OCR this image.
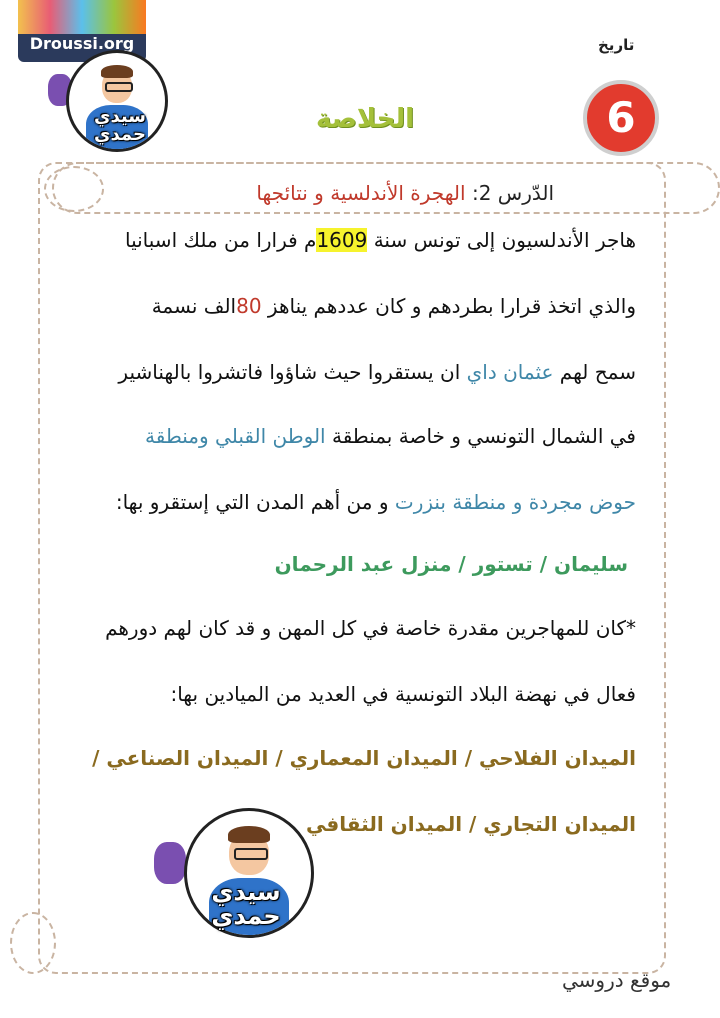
Droussi.org
سيدي
حمدي
تاريخ
6
الخلاصة
الدّرس 2: الهجرة الأندلسية و نتائجها
هاجر الأندلسيون إلى تونس سنة 1609م فرارا من ملك اسبانيا
والذي اتخذ قرارا بطردهم و كان عددهم يناهز 80الف نسمة
سمح لهم عثمان داي ان يستقروا حيث شاؤوا فاتشروا بالهناشير
في الشمال التونسي و خاصة بمنطقة الوطن القبلي ومنطقة
حوض مجردة و منطقة بنزرت و من أهم المدن التي إستقرو بها:
سليمان / تستور / منزل عبد الرحمان
*كان للمهاجرين مقدرة خاصة في كل المهن و قد كان لهم دورهم
فعال في نهضة البلاد التونسية في العديد من الميادين بها:
الميدان الفلاحي / الميدان المعماري / الميدان الصناعي /
الميدان التجاري / الميدان الثقافي
سيدي
حمدي
موقع دروسي
